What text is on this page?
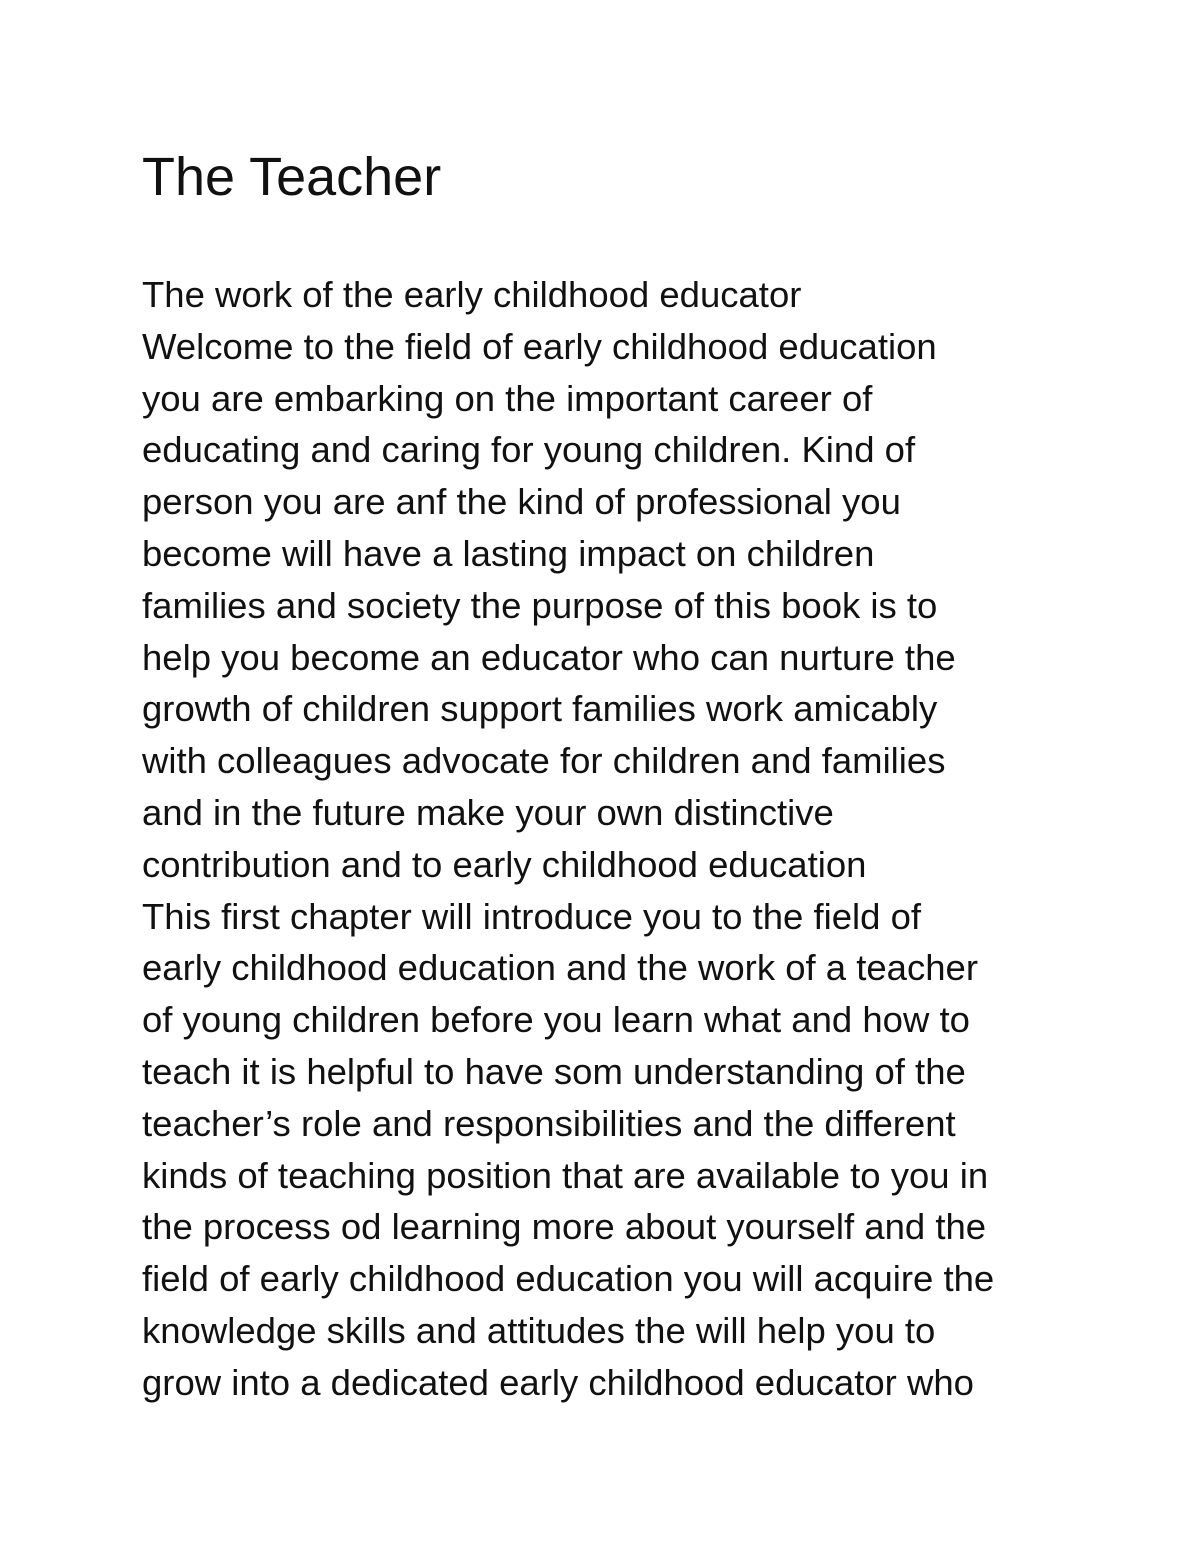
The Teacher
The work of the early childhood educator
Welcome to the field of early childhood education
you are embarking on the important career of
educating and caring for young children. Kind of
person you are anf the kind of professional you
become will have a lasting impact on children
families and society the purpose of this book is to
help you become an educator who can nurture the
growth of children support families work amicably
with colleagues advocate for children and families
and in the future make your own distinctive
contribution and to early childhood education
This first chapter will introduce you to the field of
early childhood education and the work of a teacher
of young children before you learn what and how to
teach it is helpful to have som understanding of the
teacher’s role and responsibilities and the different
kinds of teaching position that are available to you in
the process od learning more about yourself and the
field of early childhood education you will acquire the
knowledge skills and attitudes the will help you to
grow into a dedicated early childhood educator who
